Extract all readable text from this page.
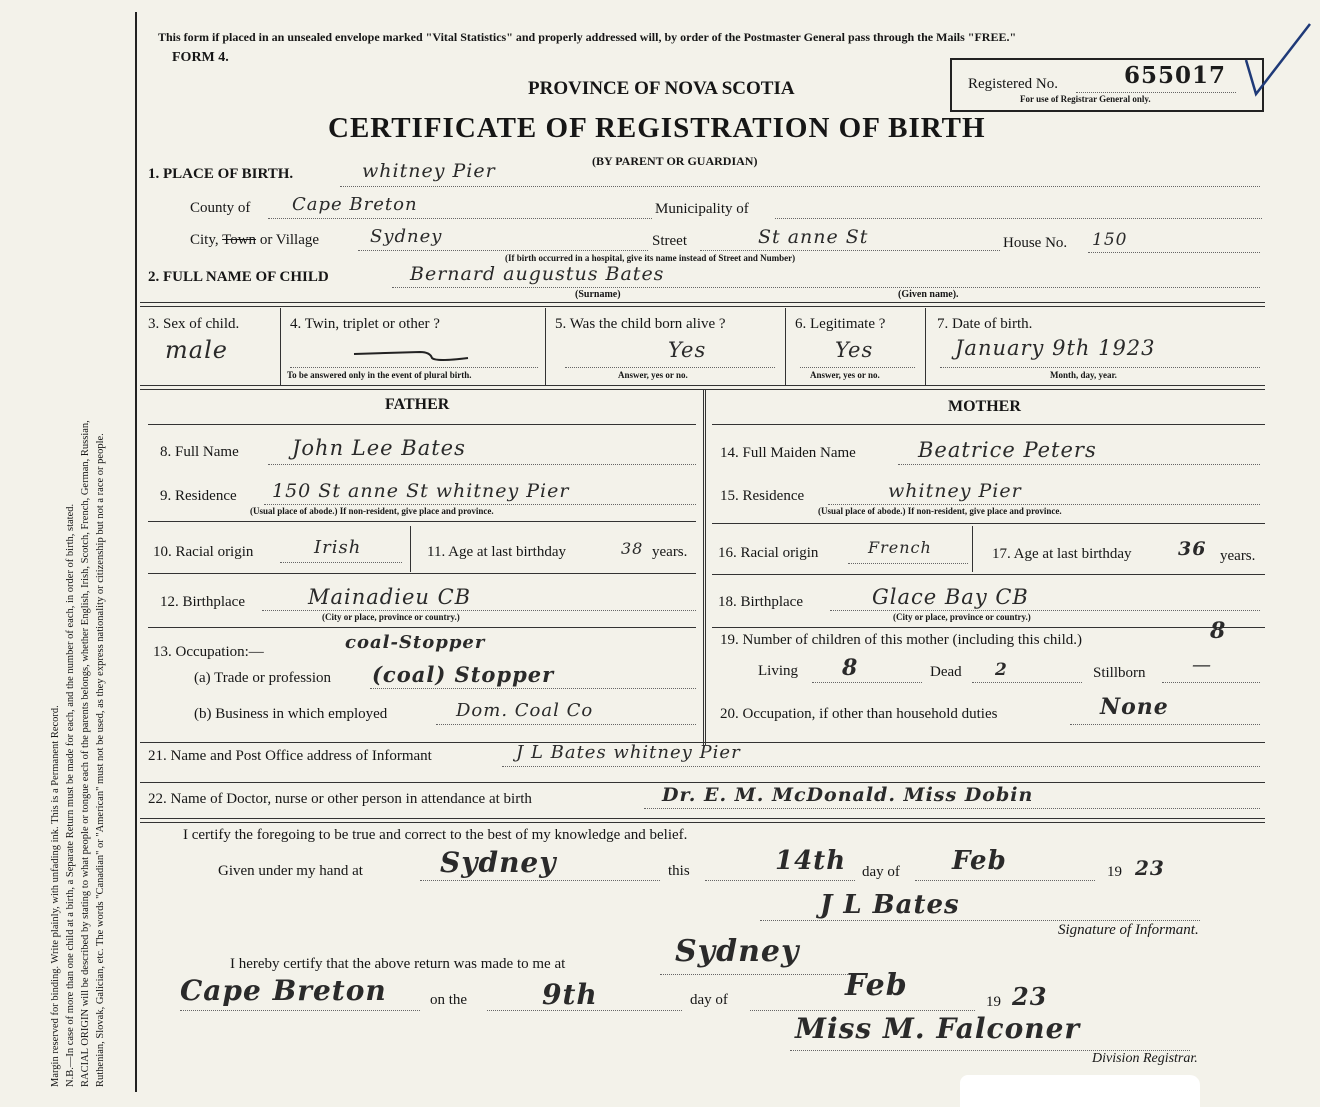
Margin reserved for binding. Write plainly, with unfading ink. This is a Permanent Record. N.B.—In case of more than one child at a birth, a Separate Return must be made for each, and the number of each, in order of birth, stated. RACIAL ORIGIN will be described by stating to what people or tongue each of the parents belongs, whether English, Irish, Scotch, French, German, Russian, Ruthenian, Slovak, Galician, etc. The words "Canadian" or "American" must not be used, as they express nationality or citizenship but not a race or people.
This form if placed in an unsealed envelope marked "Vital Statistics" and properly addressed will, by order of the Postmaster General pass through the Mails "FREE."
FORM 4.
PROVINCE OF NOVA SCOTIA
CERTIFICATE OF REGISTRATION OF BIRTH
(BY PARENT OR GUARDIAN)
Registered No.	655017
For use of Registrar General only.
1. PLACE OF BIRTH.	whitney Pier
County of Cape Breton	Municipality of
City, Town or Village	Sydney	Street	St anne St
(If birth occurred in a hospital, give its name instead of Street and Number)
House No. 150
2. FULL NAME OF CHILD	Bernard augustus Bates
(Surname)	(Given name).
3. Sex of child.
male
4. Twin, triplet or other ?
To be answered only in the event of plural birth.
5. Was the child born alive ?
Yes
Answer, yes or no.
6. Legitimate ?
Yes
Answer, yes or no.
7. Date of birth.
January 9th 1923
Month, day, year.
FATHER	MOTHER
8. Full Name	John Lee Bates	14. Full Maiden Name	Beatrice Peters
9. Residence 150 St anne St whitney Pier
(Usual place of abode.) If non-resident, give place and province.
15. Residence	whitney Pier
(Usual place of abode.) If non-resident, give place and province.
10. Racial origin	Irish	11. Age at last birthday	38 years. 16. Racial origin	French	17. Age at last birthday 36 years.
12. Birthplace	Mainadieu CB
(City or place, province or country.)
18. Birthplace	Glace Bay CB
(City or place, province or country.)
13. Occupation:—	coal-Stopper
(a) Trade or profession (coal) Stopper
(b) Business in which employed	Dom. Coal Co
19. Number of children of this mother (including this child.)	8
Living 8	Dead 2	Stillborn —
20. Occupation, if other than household duties	None
21. Name and Post Office address of Informant	J L Bates whitney Pier
22. Name of Doctor, nurse or other person in attendance at birth	Dr. E. M. McDonald. Miss Dobin
I certify the foregoing to be true and correct to the best of my knowledge and belief.
Given under my hand at	Sydney	this	14th day of Feb	19 23
J L Bates
Signature of Informant.
I hereby certify that the above return was made to me at	Sydney
Cape Breton	on the	9th	day of	Feb	19 23
Miss M. Falconer
Division Registrar.
